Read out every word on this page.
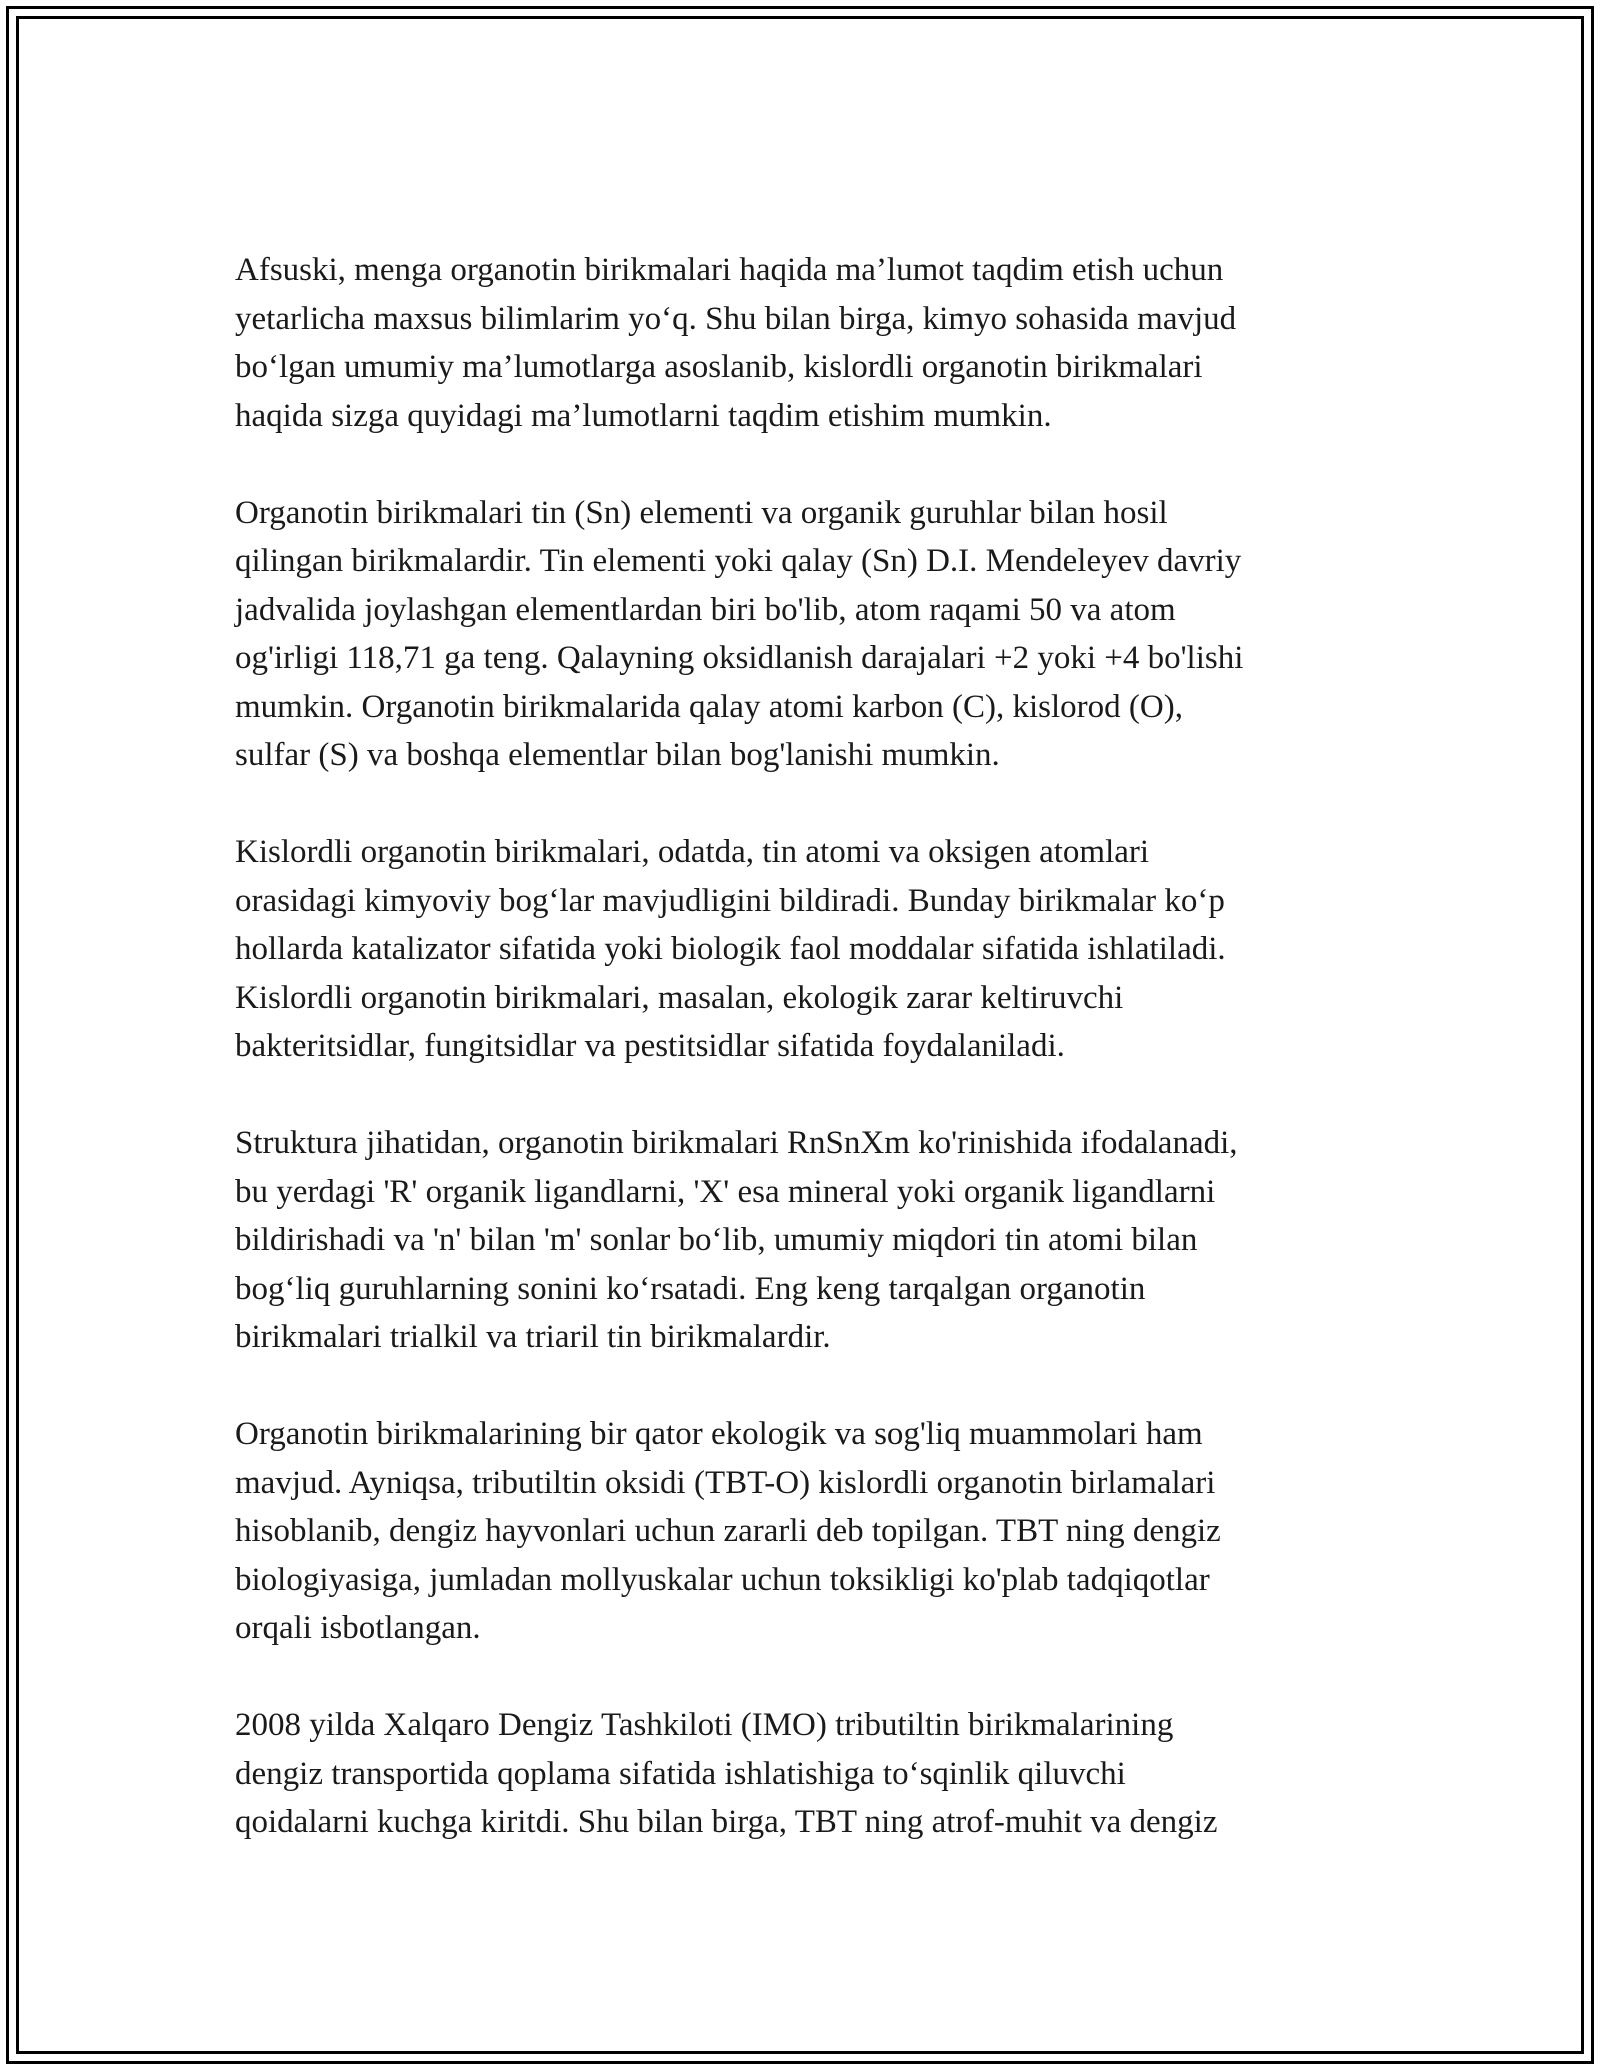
Afsuski, menga organotin birikmalari haqida ma’lumot taqdim etish uchun
yetarlicha maxsus bilimlarim yo‘q. Shu bilan birga, kimyo sohasida mavjud
bo‘lgan umumiy ma’lumotlarga asoslanib, kislordli organotin birikmalari
haqida sizga quyidagi ma’lumotlarni taqdim etishim mumkin.

Organotin birikmalari tin (Sn) elementi va organik guruhlar bilan hosil
qilingan birikmalardir. Tin elementi yoki qalay (Sn) D.I. Mendeleyev davriy
jadvalida joylashgan elementlardan biri bo'lib, atom raqami 50 va atom
og'irligi 118,71 ga teng. Qalayning oksidlanish darajalari +2 yoki +4 bo'lishi
mumkin. Organotin birikmalarida qalay atomi karbon (C), kislorod (O),
sulfar (S) va boshqa elementlar bilan bog'lanishi mumkin.

Kislordli organotin birikmalari, odatda, tin atomi va oksigen atomlari
orasidagi kimyoviy bog‘lar mavjudligini bildiradi. Bunday birikmalar ko‘p
hollarda katalizator sifatida yoki biologik faol moddalar sifatida ishlatiladi.
Kislordli organotin birikmalari, masalan, ekologik zarar keltiruvchi
bakteritsidlar, fungitsidlar va pestitsidlar sifatida foydalaniladi.

Struktura jihatidan, organotin birikmalari RnSnXm ko'rinishida ifodalanadi,
bu yerdagi 'R' organik ligandlarni, 'X' esa mineral yoki organik ligandlarni
bildirishadi va 'n' bilan 'm' sonlar bo‘lib, umumiy miqdori tin atomi bilan
bog‘liq guruhlarning sonini ko‘rsatadi. Eng keng tarqalgan organotin
birikmalari trialkil va triaril tin birikmalardir.

Organotin birikmalarining bir qator ekologik va sog'liq muammolari ham
mavjud. Ayniqsa, tributiltin oksidi (TBT-O) kislordli organotin birlamalari
hisoblanib, dengiz hayvonlari uchun zararli deb topilgan. TBT ning dengiz
biologiyasiga, jumladan mollyuskalar uchun toksikligi ko'plab tadqiqotlar
orqali isbotlangan.

2008 yilda Xalqaro Dengiz Tashkiloti (IMO) tributiltin birikmalarining
dengiz transportida qoplama sifatida ishlatishiga to‘sqinlik qiluvchi
qoidalarni kuchga kiritdi. Shu bilan birga, TBT ning atrof-muhit va dengiz
